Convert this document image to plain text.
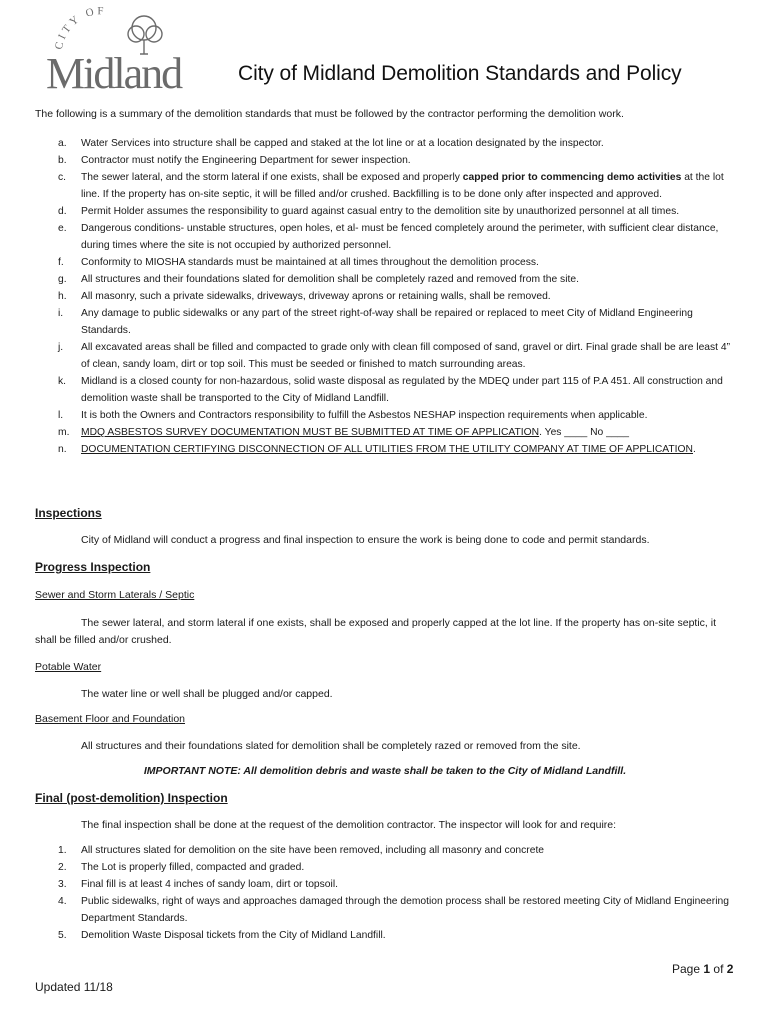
CITY OF
Midland	City of Midland Demolition Standards and Policy
The following is a summary of the demolition standards that must be followed by the contractor performing the demolition work.
a.	Water Services into structure shall be capped and staked at the lot line or at a location designated by the inspector.
b.	Contractor must notify the Engineering Department for sewer inspection.
c.	The sewer lateral, and the storm lateral if one exists, shall be exposed and properly capped prior to commencing demo activities at the lot line. If the property has on-site septic, it will be filled and/or crushed. Backfilling is to be done only after inspected and approved.
d.	Permit Holder assumes the responsibility to guard against casual entry to the demolition site by unauthorized personnel at all times.
e.	Dangerous conditions- unstable structures, open holes, et al- must be fenced completely around the perimeter, with sufficient clear distance, during times where the site is not occupied by authorized personnel.
f.	Conformity to MIOSHA standards must be maintained at all times throughout the demolition process.
g.	All structures and their foundations slated for demolition shall be completely razed and removed from the site.
h.	All masonry, such a private sidewalks, driveways, driveway aprons or retaining walls, shall be removed.
i.	Any damage to public sidewalks or any part of the street right-of-way shall be repaired or replaced to meet City of Midland Engineering Standards.
j.	All excavated areas shall be filled and compacted to grade only with clean fill composed of sand, gravel or dirt. Final grade shall be are least 4” of clean, sandy loam, dirt or top soil. This must be seeded or finished to match surrounding areas.
k.	Midland is a closed county for non-hazardous, solid waste disposal as regulated by the MDEQ under part 115 of P.A 451. All construction and demolition waste shall be transported to the City of Midland Landfill.
l.	It is both the Owners and Contractors responsibility to fulfill the Asbestos NESHAP inspection requirements when applicable.
m.	MDQ ASBESTOS SURVEY DOCUMENTATION MUST BE SUBMITTED AT TIME OF APPLICATION. Yes ____ No ____
n.	DOCUMENTATION CERTIFYING DISCONNECTION OF ALL UTILITIES FROM THE UTILITY COMPANY AT TIME OF APPLICATION.
Inspections
City of Midland will conduct a progress and final inspection to ensure the work is being done to code and permit standards.
Progress Inspection
Sewer and Storm Laterals / Septic
The sewer lateral, and storm lateral if one exists, shall be exposed and properly capped at the lot line. If the property has on-site septic, it shall be filled and/or crushed.
Potable Water
The water line or well shall be plugged and/or capped.
Basement Floor and Foundation
All structures and their foundations slated for demolition shall be completely razed or removed from the site.
IMPORTANT NOTE: All demolition debris and waste shall be taken to the City of Midland Landfill.
Final (post-demolition) Inspection
The final inspection shall be done at the request of the demolition contractor. The inspector will look for and require:
1.	All structures slated for demolition on the site have been removed, including all masonry and concrete
2.	The Lot is properly filled, compacted and graded.
3.	Final fill is at least 4 inches of sandy loam, dirt or topsoil.
4.	Public sidewalks, right of ways and approaches damaged through the demotion process shall be restored meeting City of Midland Engineering Department Standards.
5.	Demolition Waste Disposal tickets from the City of Midland Landfill.
Page 1 of 2
Updated 11/18
